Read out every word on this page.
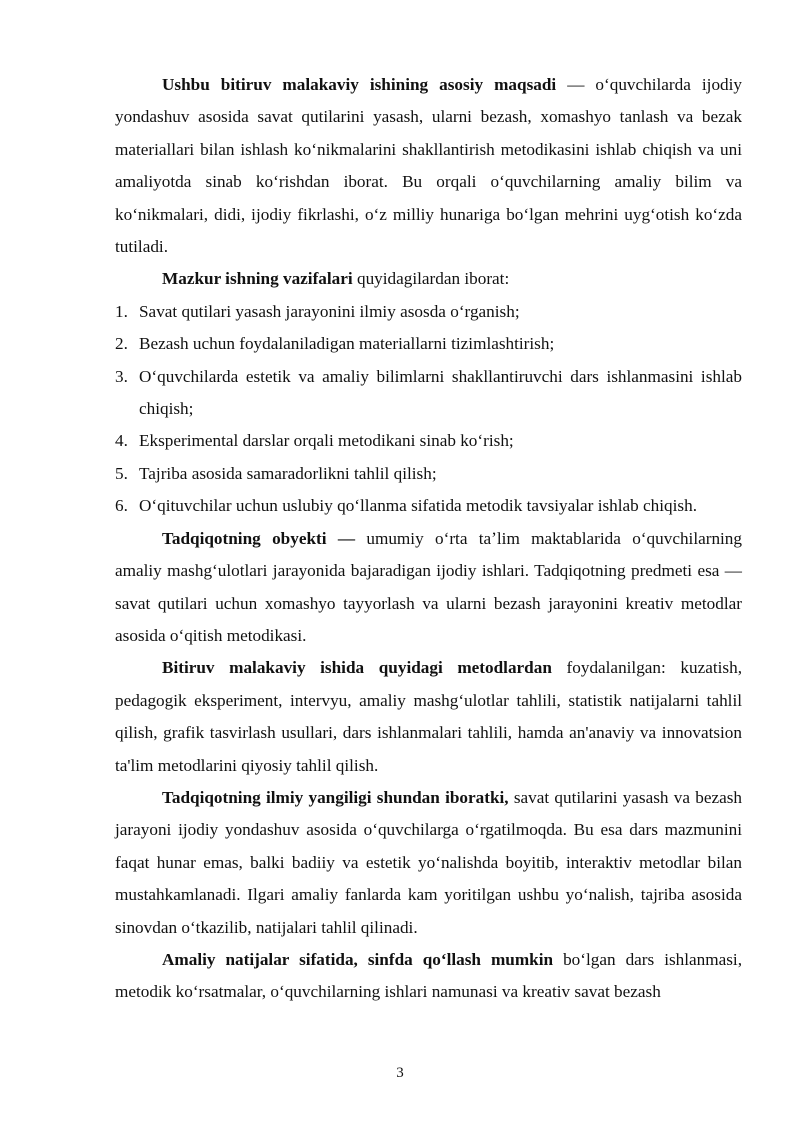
Ushbu bitiruv malakaviy ishining asosiy maqsadi — oʻquvchilarda ijodiy yondashuv asosida savat qutilarini yasash, ularni bezash, xomashyo tanlash va bezak materiallari bilan ishlash koʻnikmalarini shakllantirish metodikasini ishlab chiqish va uni amaliyotda sinab koʻrishdan iborat. Bu orqali oʻquvchilarning amaliy bilim va koʻnikmalari, didi, ijodiy fikrlashi, oʻz milliy hunariga boʻlgan mehrini uygʻotish koʻzda tutiladi.

Mazkur ishning vazifalari quyidagilardan iborat:

1. Savat qutilari yasash jarayonini ilmiy asosda oʻrganish;
2. Bezash uchun foydalaniladigan materiallarni tizimlashtirish;
3. Oʻquvchilarda estetik va amaliy bilimlarni shakllantiruvchi dars ishlanmasini ishlab chiqish;
4. Eksperimental darslar orqali metodikani sinab koʻrish;
5. Tajriba asosida samaradorlikni tahlil qilish;
6. Oʻqituvchilar uchun uslubiy qoʻllanma sifatida metodik tavsiyalar ishlab chiqish.

Tadqiqotning obyekti — umumiy oʻrta taʼlim maktablarida oʻquvchilarning amaliy mashgʻulotlari jarayonida bajaradigan ijodiy ishlari. Tadqiqotning predmeti esa — savat qutilari uchun xomashyo tayyorlash va ularni bezash jarayonini kreativ metodlar asosida oʻqitish metodikasi.

Bitiruv malakaviy ishida quyidagi metodlardan foydalanilgan: kuzatish, pedagogik eksperiment, intervyu, amaliy mashgʻulotlar tahlili, statistik natijalarni tahlil qilish, grafik tasvirlash usullari, dars ishlanmalari tahlili, hamda an'anaviy va innovatsion ta'lim metodlarini qiyosiy tahlil qilish.

Tadqiqotning ilmiy yangiligi shundan iboratki, savat qutilarini yasash va bezash jarayoni ijodiy yondashuv asosida oʻquvchilarga oʻrgatilmoqda. Bu esa dars mazmunini faqat hunar emas, balki badiiy va estetik yoʻnalishda boyitib, interaktiv metodlar bilan mustahkamlanadi. Ilgari amaliy fanlarda kam yoritilgan ushbu yoʻnalish, tajriba asosida sinovdan oʻtkazilib, natijalari tahlil qilinadi.

Amaliy natijalar sifatida, sinfda qoʻllash mumkin boʻlgan dars ishlanmasi, metodik koʻrsatmalar, oʻquvchilarning ishlari namunasi va kreativ savat bezash

3
